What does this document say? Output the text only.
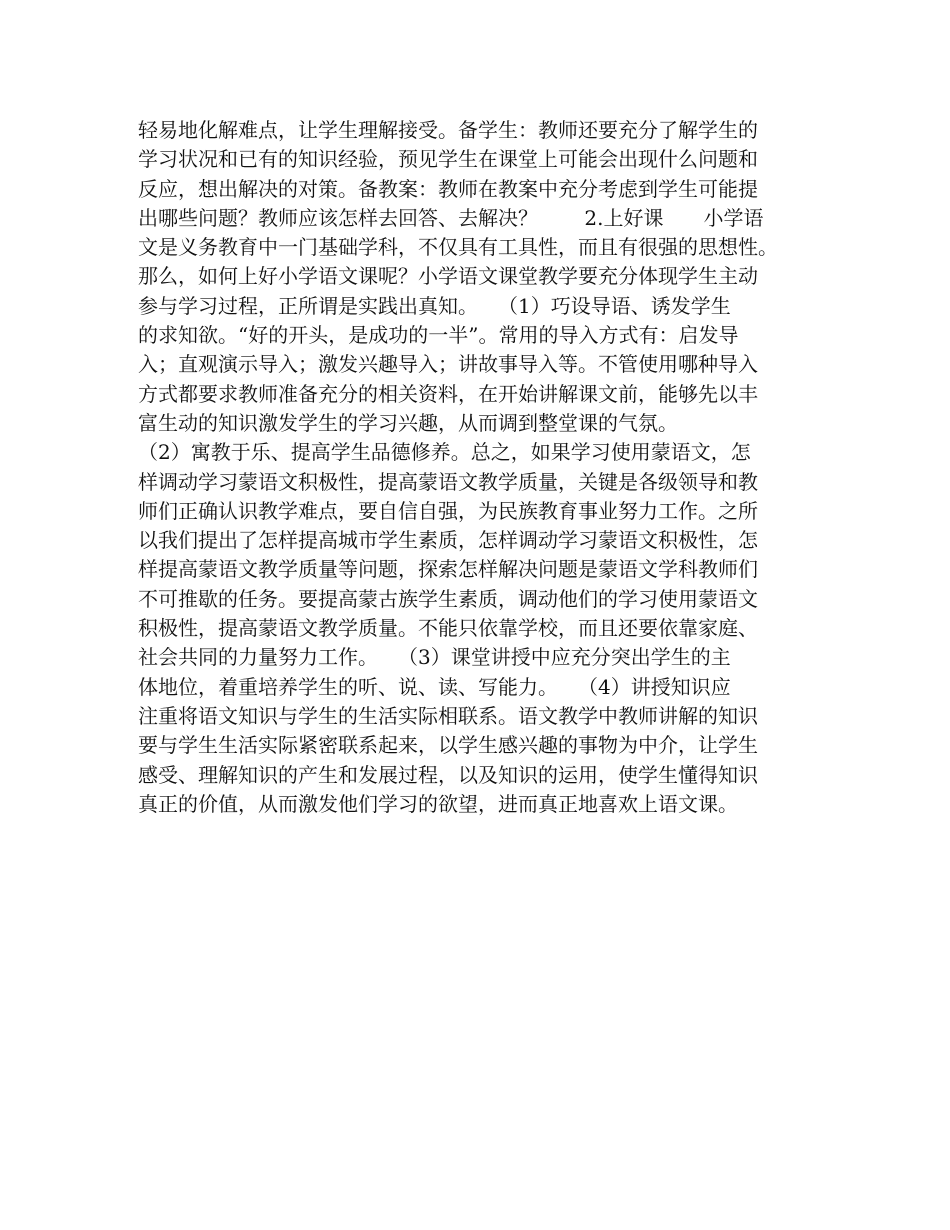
轻易地化解难点，让学生理解接受。备学生：教师还要充分了解学生的
学习状况和已有的知识经验，预见学生在课堂上可能会出现什么问题和
反应，想出解决的对策。备教案：教师在教案中充分考虑到学生可能提
出哪些问题？教师应该怎样去回答、去解决？　　 2.上好课　　小学语
文是义务教育中一门基础学科，不仅具有工具性，而且有很强的思想性。
那么，如何上好小学语文课呢？小学语文课堂教学要充分体现学生主动
参与学习过程，正所谓是实践出真知。　　（1）巧设导语、诱发学生
的求知欲。“好的开头，是成功的一半”。常用的导入方式有：启发导
入；直观演示导入；激发兴趣导入；讲故事导入等。不管使用哪种导入
方式都要求教师准备充分的相关资料，在开始讲解课文前，能够先以丰
富生动的知识激发学生的学习兴趣，从而调到整堂课的气氛。
（2）寓教于乐、提高学生品德修养。总之，如果学习使用蒙语文，怎
样调动学习蒙语文积极性，提高蒙语文教学质量，关键是各级领导和教
师们正确认识教学难点，要自信自强，为民族教育事业努力工作。之所
以我们提出了怎样提高城市学生素质，怎样调动学习蒙语文积极性，怎
样提高蒙语文教学质量等问题，探索怎样解决问题是蒙语文学科教师们
不可推歇的任务。要提高蒙古族学生素质，调动他们的学习使用蒙语文
积极性，提高蒙语文教学质量。不能只依靠学校，而且还要依靠家庭、
社会共同的力量努力工作。　　（3）课堂讲授中应充分突出学生的主
体地位，着重培养学生的听、说、读、写能力。　　（4）讲授知识应
注重将语文知识与学生的生活实际相联系。语文教学中教师讲解的知识
要与学生生活实际紧密联系起来，以学生感兴趣的事物为中介，让学生
感受、理解知识的产生和发展过程，以及知识的运用，使学生懂得知识
真正的价值，从而激发他们学习的欲望，进而真正地喜欢上语文课。
